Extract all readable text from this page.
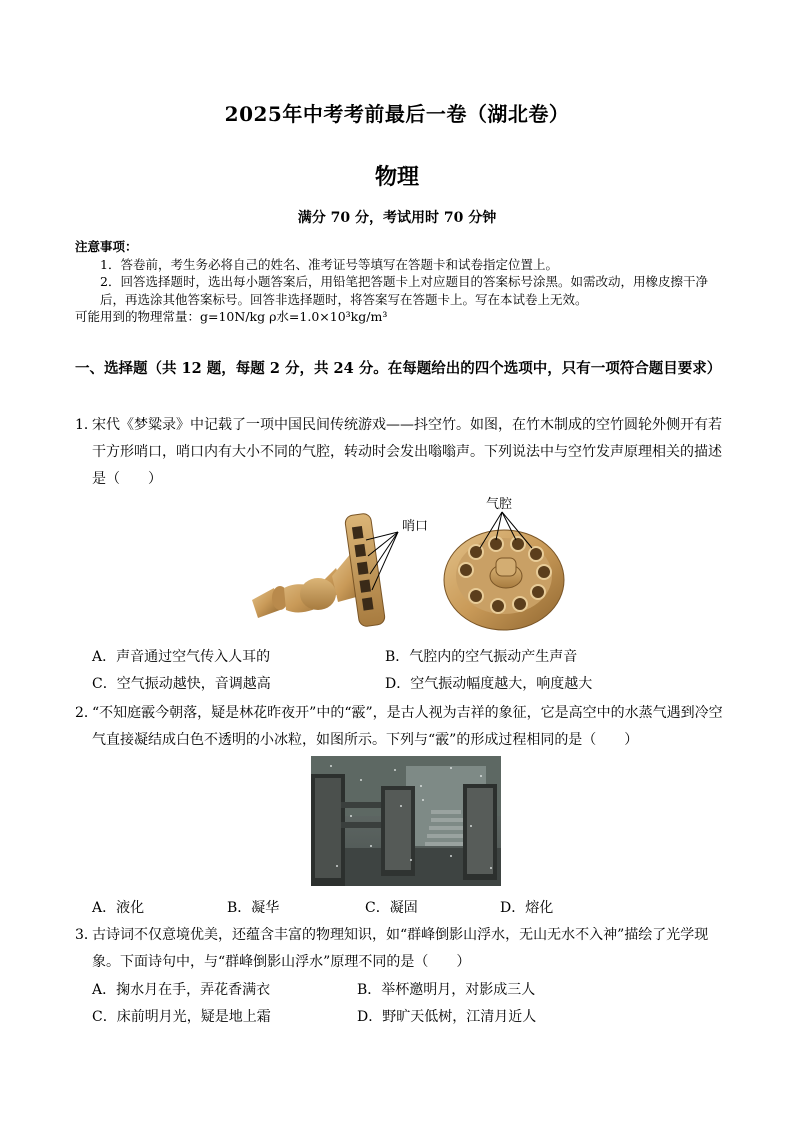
2025年中考考前最后一卷（湖北卷）
物理
满分 70 分，考试用时 70 分钟
注意事项：
1．答卷前，考生务必将自己的姓名、准考证号等填写在答题卡和试卷指定位置上。
2．回答选择题时，选出每小题答案后，用铅笔把答题卡上对应题目的答案标号涂黑。如需改动，用橡皮擦干净后，再选涂其他答案标号。回答非选择题时，将答案写在答题卡上。写在本试卷上无效。
可能用到的物理常量：g=10N/kg ρ水=1.0×10³kg/m³
一、选择题（共 12 题，每题 2 分，共 24 分。在每题给出的四个选项中，只有一项符合题目要求）
1．
宋代《梦粱录》中记载了一项中国民间传统游戏——抖空竹。如图，在竹木制成的空竹圆轮外侧开有若干方形哨口，哨口内有大小不同的气腔，转动时会发出嗡嗡声。下列说法中与空竹发声原理相关的描述是（　　）
哨口
气腔
A．声音通过空气传入人耳的	B．气腔内的空气振动产生声音
C．空气振动越快，音调越高	D．空气振动幅度越大，响度越大
2．
“不知庭霰今朝落，疑是林花昨夜开”中的“霰”，是古人视为吉祥的象征，它是高空中的水蒸气遇到冷空气直接凝结成白色不透明的小冰粒，如图所示。下列与“霰”的形成过程相同的是（　　）
A．液化	B．凝华	C．凝固	D．熔化
3．
古诗词不仅意境优美，还蕴含丰富的物理知识，如“群峰倒影山浮水，无山无水不入神”描绘了光学现象。下面诗句中，与“群峰倒影山浮水”原理不同的是（　　）
A．掬水月在手，弄花香满衣	B．举杯邀明月，对影成三人
C．床前明月光，疑是地上霜	D．野旷天低树，江清月近人
